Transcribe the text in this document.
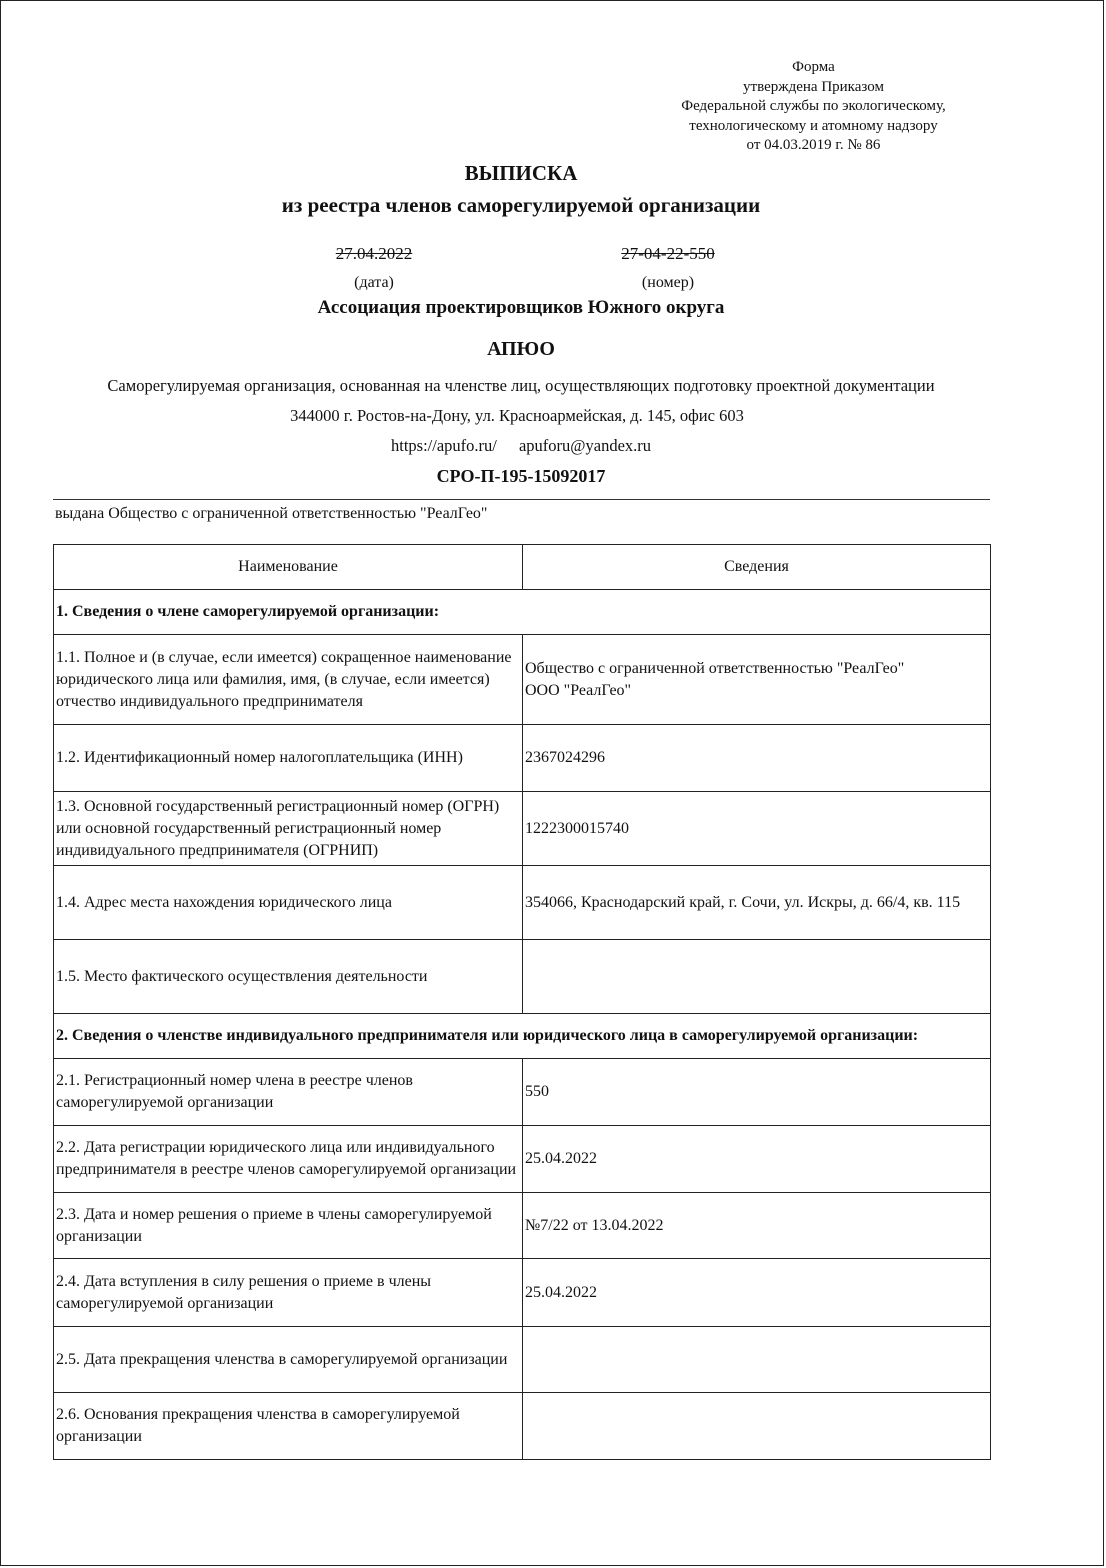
Форма
утверждена Приказом
Федеральной службы по экологическому,
технологическому и атомному надзору
от 04.03.2019 г. № 86
ВЫПИСКА
из реестра членов саморегулируемой организации
27.04.2022
(дата)
27-04-22-550
(номер)
Ассоциация проектировщиков Южного округа
АПЮО
Саморегулируемая организация, основанная на членстве лиц, осуществляющих подготовку проектной документации
344000 г. Ростов-на-Дону, ул. Красноармейская, д. 145, офис 603
https://apufo.ru/ apuforu@yandex.ru
СРО-П-195-15092017
выдана Общество с ограниченной ответственностью "РеалГео"
Наименование	Сведения
1. Сведения о члене саморегулируемой организации:	
1.1. Полное и (в случае, если имеется) сокращенное наименование юридического лица или фамилия, имя, (в случае, если имеется) отчество индивидуального предпринимателя	Общество с ограниченной ответственностью "РеалГео"
ООО "РеалГео"

1.2. Идентификационный номер налогоплательщика (ИНН)	2367024296
1.3. Основной государственный регистрационный номер (ОГРН) или основной государственный регистрационный номер индивидуального предпринимателя (ОГРНИП)	1222300015740
1.4. Адрес места нахождения юридического лица	354066, Краснодарский край, г. Сочи, ул. Искры, д. 66/4, кв. 115
1.5. Место фактического осуществления деятельности	
2. Сведения о членстве индивидуального предпринимателя или юридического лица в саморегулируемой организации:	
2.1. Регистрационный номер члена в реестре членов саморегулируемой организации	550
2.2. Дата регистрации юридического лица или индивидуального предпринимателя в реестре членов саморегулируемой организации	25.04.2022
2.3. Дата и номер решения о приеме в члены саморегулируемой организации	№7/22 от 13.04.2022
2.4. Дата вступления в силу решения о приеме в члены саморегулируемой организации	25.04.2022
2.5. Дата прекращения членства в саморегулируемой организации	
2.6. Основания прекращения членства в саморегулируемой организации	
